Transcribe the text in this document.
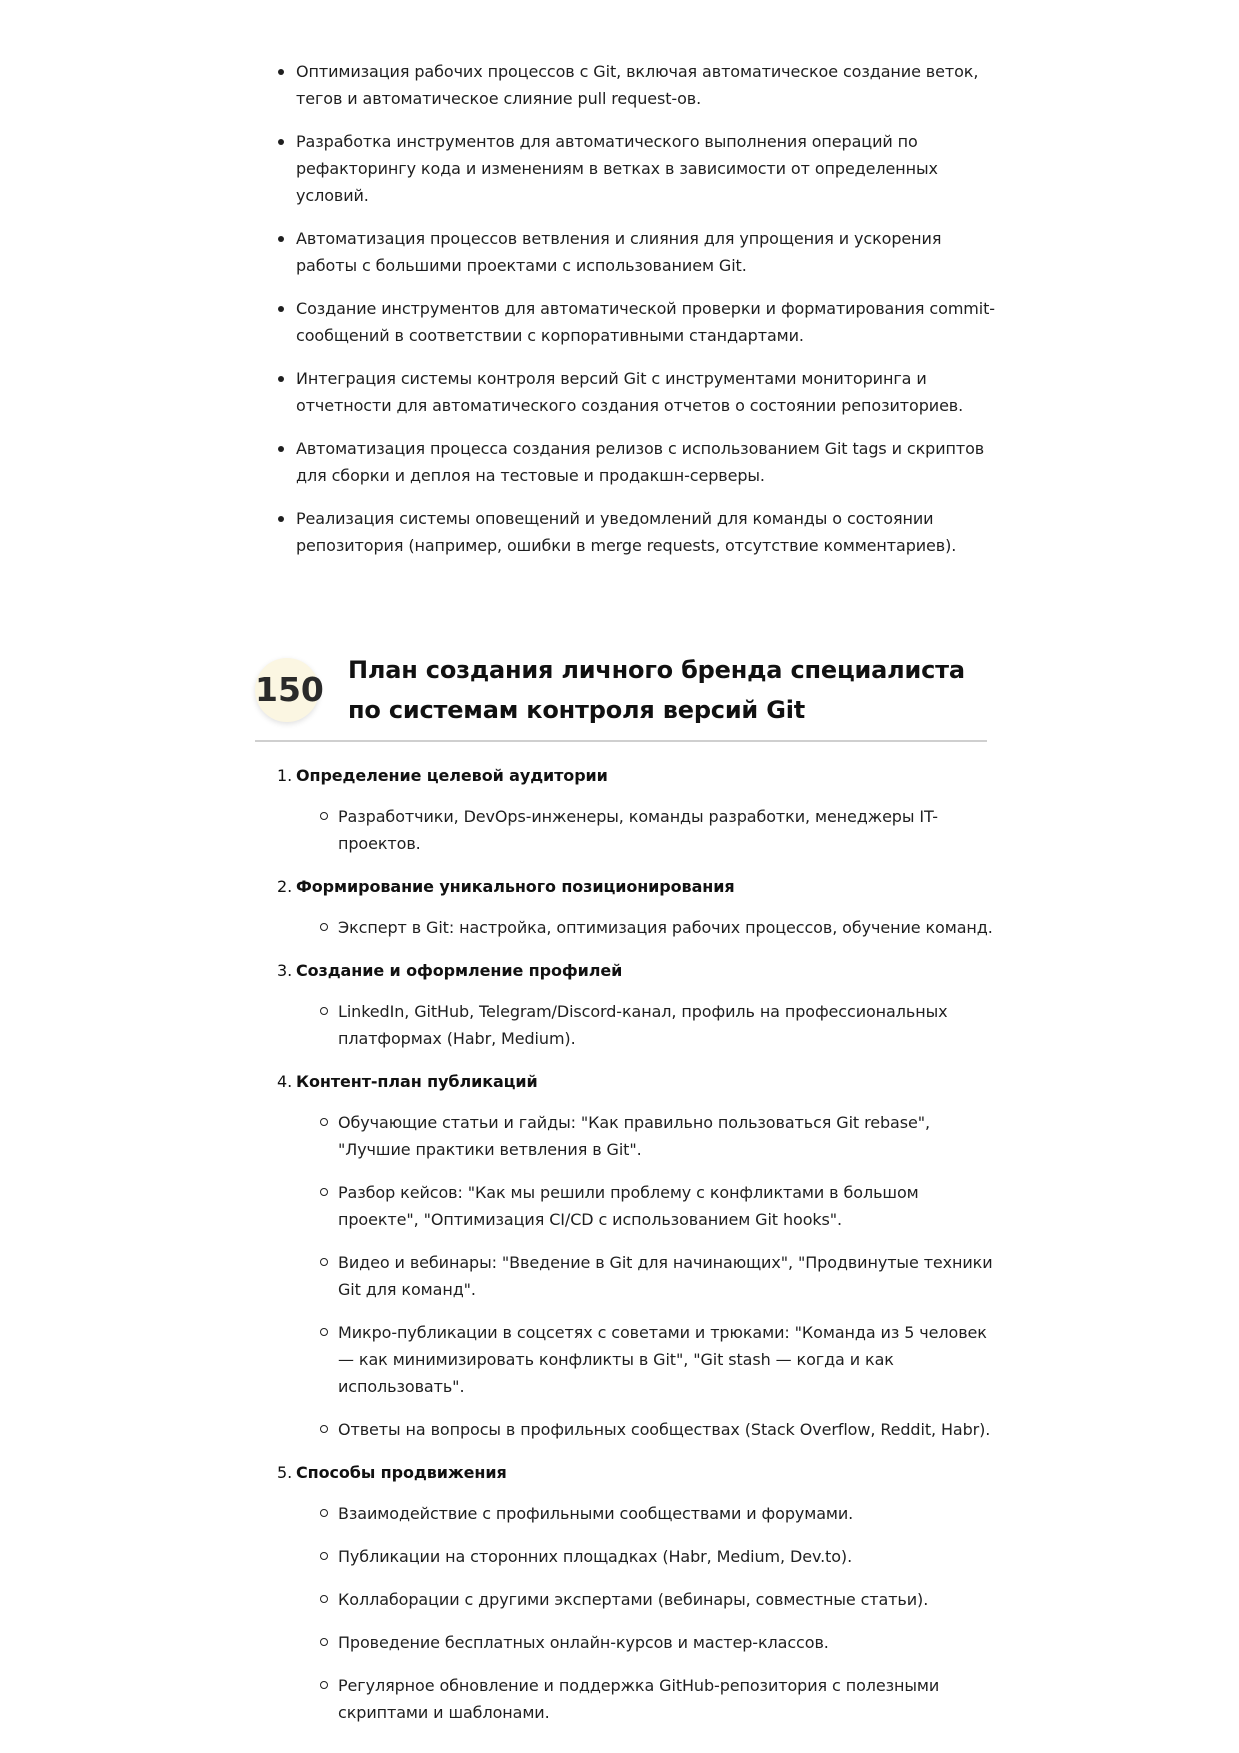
Оптимизация рабочих процессов с Git, включая автоматическое создание веток, тегов и автоматическое слияние pull request-ов.
Разработка инструментов для автоматического выполнения операций по рефакторингу кода и изменениям в ветках в зависимости от определенных условий.
Автоматизация процессов ветвления и слияния для упрощения и ускорения работы с большими проектами с использованием Git.
Создание инструментов для автоматической проверки и форматирования commit-сообщений в соответствии с корпоративными стандартами.
Интеграция системы контроля версий Git с инструментами мониторинга и отчетности для автоматического создания отчетов о состоянии репозиториев.
Автоматизация процесса создания релизов с использованием Git tags и скриптов для сборки и деплоя на тестовые и продакшн-серверы.
Реализация системы оповещений и уведомлений для команды о состоянии репозитория (например, ошибки в merge requests, отсутствие комментариев).
150 План создания личного бренда специалиста по системам контроля версий Git
1. Определение целевой аудитории
Разработчики, DevOps-инженеры, команды разработки, менеджеры IT-проектов.
2. Формирование уникального позиционирования
Эксперт в Git: настройка, оптимизация рабочих процессов, обучение команд.
3. Создание и оформление профилей
LinkedIn, GitHub, Telegram/Discord-канал, профиль на профессиональных платформах (Habr, Medium).
4. Контент-план публикаций
Обучающие статьи и гайды: "Как правильно пользоваться Git rebase", "Лучшие практики ветвления в Git".
Разбор кейсов: "Как мы решили проблему с конфликтами в большом проекте", "Оптимизация CI/CD с использованием Git hooks".
Видео и вебинары: "Введение в Git для начинающих", "Продвинутые техники Git для команд".
Микро-публикации в соцсетях с советами и трюками: "Команда из 5 человек — как минимизировать конфликты в Git", "Git stash — когда и как использовать".
Ответы на вопросы в профильных сообществах (Stack Overflow, Reddit, Habr).
5. Способы продвижения
Взаимодействие с профильными сообществами и форумами.
Публикации на сторонних площадках (Habr, Medium, Dev.to).
Коллаборации с другими экспертами (вебинары, совместные статьи).
Проведение бесплатных онлайн-курсов и мастер-классов.
Регулярное обновление и поддержка GitHub-репозитория с полезными скриптами и шаблонами.
